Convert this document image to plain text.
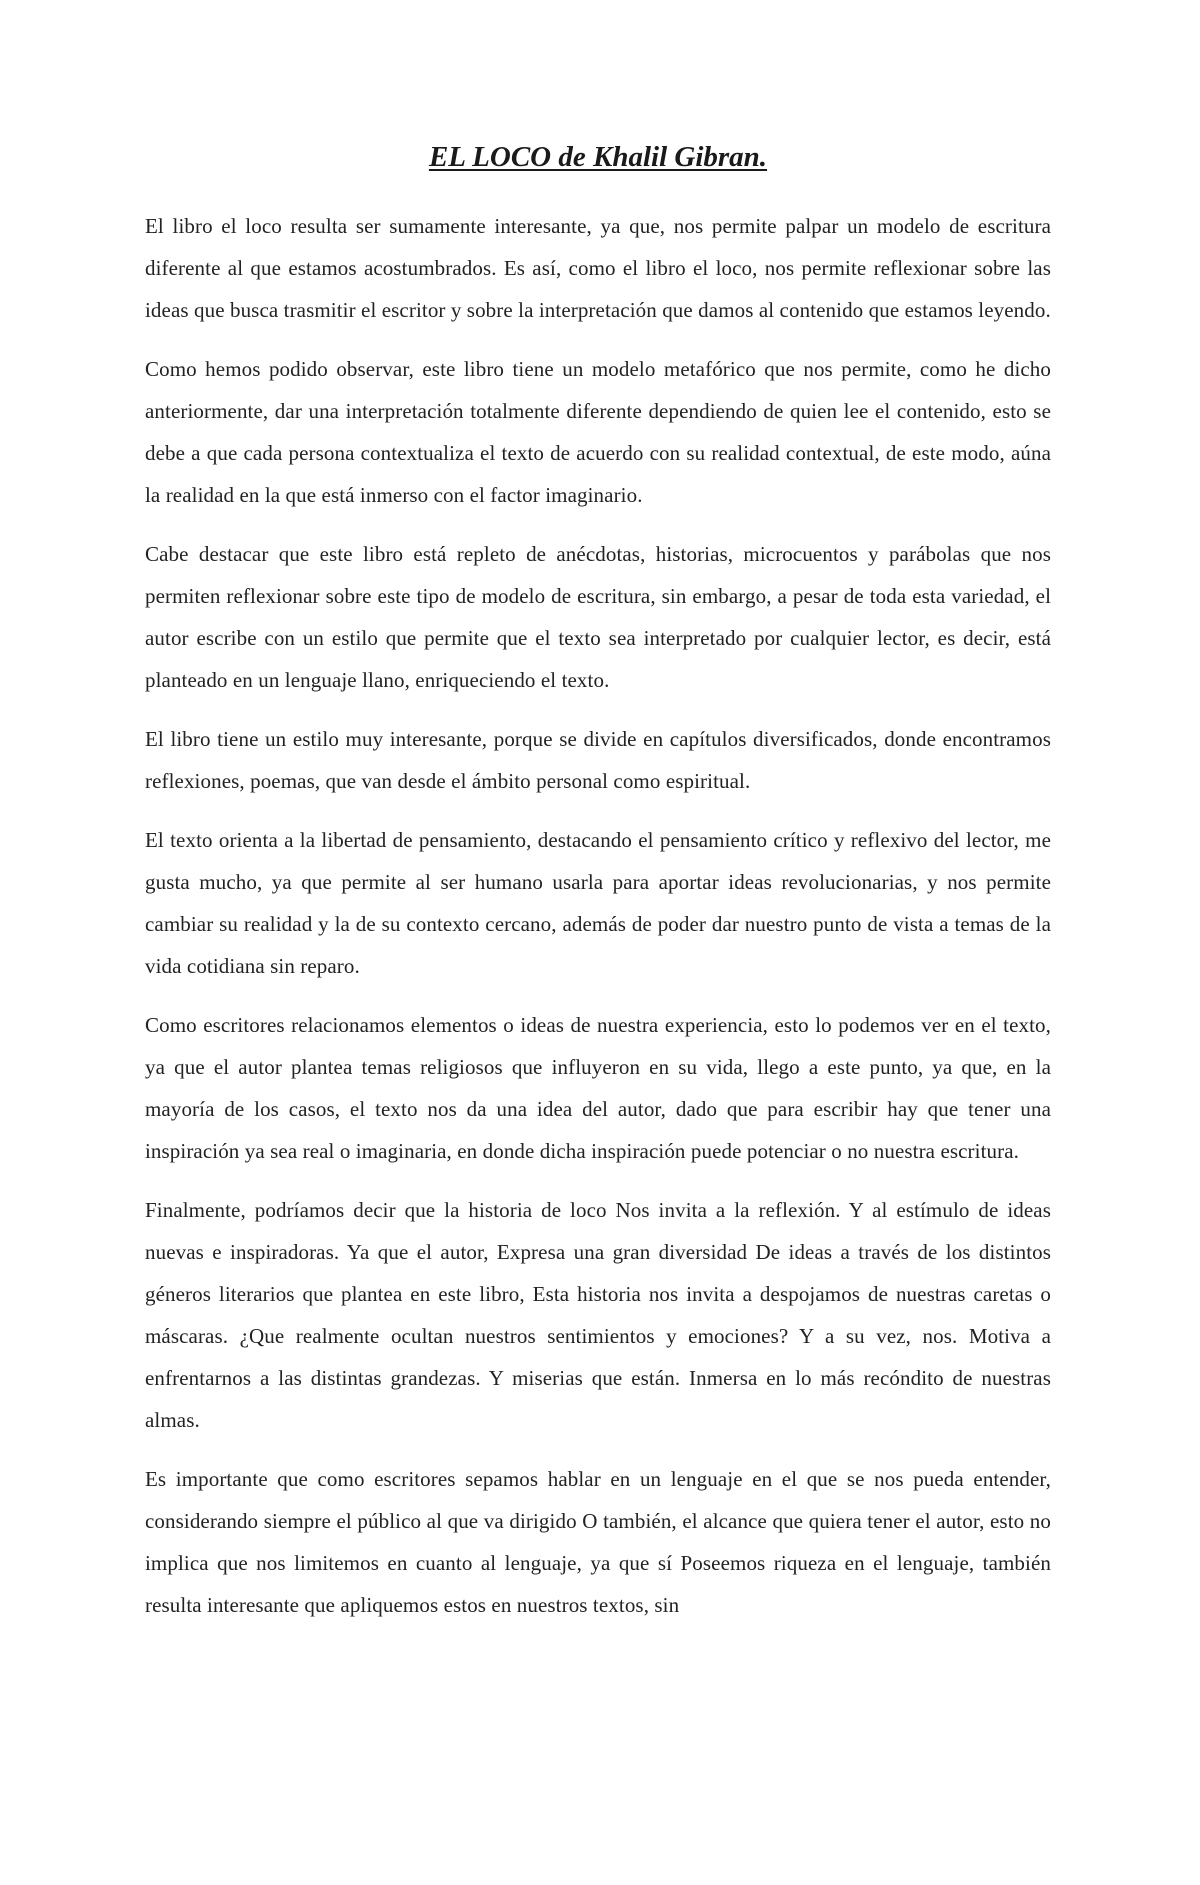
EL LOCO de Khalil Gibran.

El libro el loco resulta ser sumamente interesante, ya que, nos permite palpar un modelo de escritura diferente al que estamos acostumbrados. Es así, como el libro el loco, nos permite reflexionar sobre las ideas que busca trasmitir el escritor y sobre la interpretación que damos al contenido que estamos leyendo.

Como hemos podido observar, este libro tiene un modelo metafórico que nos permite, como he dicho anteriormente, dar una interpretación totalmente diferente dependiendo de quien lee el contenido, esto se debe a que cada persona contextualiza el texto de acuerdo con su realidad contextual, de este modo, aúna la realidad en la que está inmerso con el factor imaginario.

Cabe destacar que este libro está repleto de anécdotas, historias, microcuentos y parábolas que nos permiten reflexionar sobre este tipo de modelo de escritura, sin embargo, a pesar de toda esta variedad, el autor escribe con un estilo que permite que el texto sea interpretado por cualquier lector, es decir, está planteado en un lenguaje llano, enriqueciendo el texto.

El libro tiene un estilo muy interesante, porque se divide en capítulos diversificados, donde encontramos reflexiones, poemas, que van desde el ámbito personal como espiritual.

El texto orienta a la libertad de pensamiento, destacando el pensamiento crítico y reflexivo del lector, me gusta mucho, ya que permite al ser humano usarla para aportar ideas revolucionarias, y nos permite cambiar su realidad y la de su contexto cercano, además de poder dar nuestro punto de vista a temas de la vida cotidiana sin reparo.

Como escritores relacionamos elementos o ideas de nuestra experiencia, esto lo podemos ver en el texto, ya que el autor plantea temas religiosos que influyeron en su vida, llego a este punto, ya que, en la mayoría de los casos, el texto nos da una idea del autor, dado que para escribir hay que tener una inspiración ya sea real o imaginaria, en donde dicha inspiración puede potenciar o no nuestra escritura.

Finalmente, podríamos decir que la historia de loco Nos invita a la reflexión. Y al estímulo de ideas nuevas e inspiradoras. Ya que el autor, Expresa una gran diversidad De ideas a través de los distintos géneros literarios que plantea en este libro, Esta historia nos invita a despojamos de nuestras caretas o máscaras. ¿Que realmente ocultan nuestros sentimientos y emociones? Y a su vez, nos. Motiva a enfrentarnos a las distintas grandezas. Y miserias que están. Inmersa en lo más recóndito de nuestras almas.

Es importante que como escritores sepamos hablar en un lenguaje en el que se nos pueda entender, considerando siempre el público al que va dirigido O también, el alcance que quiera tener el autor, esto no implica que nos limitemos en cuanto al lenguaje, ya que sí Poseemos riqueza en el lenguaje, también resulta interesante que apliquemos estos en nuestros textos, sin
